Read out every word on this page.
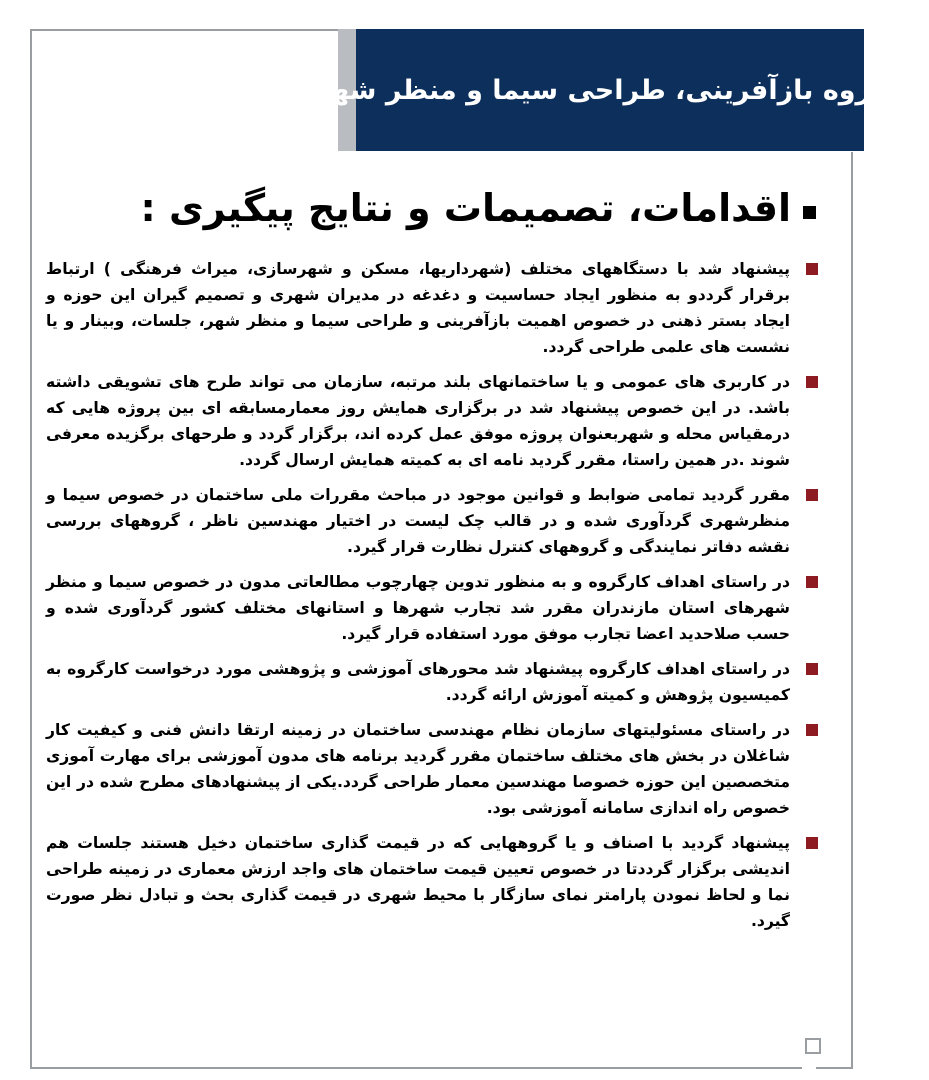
کارگروه بازآفرینی، طراحی سیما و منظر شهری
اقدامات، تصمیمات و نتایج پیگیری :
پیشنهاد شد با دستگاههای مختلف (شهرداریها، مسکن و شهرسازی، میراث فرهنگی ) ارتباط برقرار گرددو به منظور ایجاد حساسیت و دغدغه در مدیران شهری و تصمیم گیران این حوزه و ایجاد بستر ذهنی در خصوص اهمیت بازآفرینی و طراحی سیما و منظر شهر، جلسات، وبینار و یا نشست های علمی طراحی گردد.
در کاربری های عمومی و یا ساختمانهای بلند مرتبه، سازمان می تواند طرح های تشویقی داشته باشد. در این خصوص پیشنهاد شد در برگزاری همایش روز معمارمسابقه ای بین پروژه هایی که درمقیاس محله و شهربعنوان پروژه موفق عمل کرده اند، برگزار گردد و طرحهای برگزیده معرفی شوند .در همین راستا، مقرر گردید نامه ای به کمیته همایش ارسال گردد.
مقرر گردید تمامی ضوابط و قوانین موجود در مباحث مقررات ملی ساختمان در خصوص سیما و منظرشهری گردآوری شده و در قالب چک لیست در اختیار مهندسین ناظر ، گروههای بررسی نقشه دفاتر نمایندگی و گروههای کنترل نظارت قرار گیرد.
در راستای اهداف کارگروه و به منظور تدوین چهارچوب مطالعاتی مدون در خصوص سیما و منظر شهرهای استان مازندران مقرر شد تجارب شهرها و استانهای مختلف کشور گردآوری شده و حسب صلاحدید اعضا تجارب موفق مورد استفاده قرار گیرد.
در راستای اهداف کارگروه پیشنهاد شد محورهای آموزشی و پژوهشی مورد درخواست کارگروه به کمیسیون پژوهش و کمیته آموزش ارائه گردد.
در راستای مسئولیتهای سازمان نظام مهندسی ساختمان در زمینه ارتقا دانش فنی و کیفیت کار شاغلان در بخش های مختلف ساختمان مقرر گردید برنامه های مدون آموزشی برای مهارت آموزی متخصصین این حوزه خصوصا مهندسین معمار طراحی گردد.یکی از پیشنهادهای مطرح شده در این خصوص راه اندازی سامانه آموزشی بود.
پیشنهاد گردید با اصناف و یا گروههایی که در قیمت گذاری ساختمان دخیل هستند جلسات هم اندیشی برگزار گرددتا در خصوص تعیین قیمت ساختمان های واجد ارزش معماری در زمینه طراحی نما و لحاظ نمودن پارامتر نمای سازگار با محیط شهری در قیمت گذاری بحث و تبادل نظر صورت گیرد.
